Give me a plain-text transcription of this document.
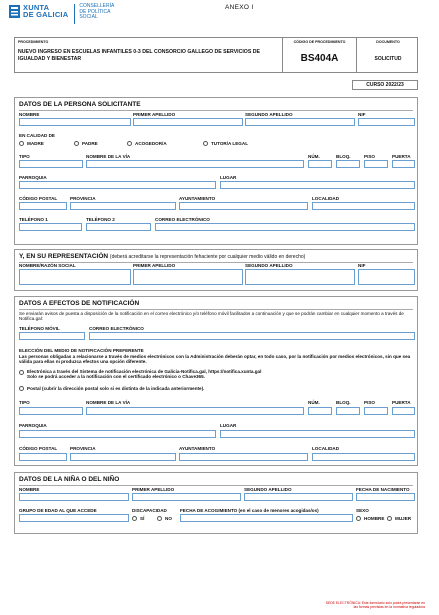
XUNTA
DE GALICIA
CONSELLERÍA
DE POLÍTICA
SOCIAL
ANEXO I
PROCEDIMIENTO
NUEVO INGRESO EN ESCUELAS INFANTILES 0-3 DEL CONSORCIO GALLEGO DE SERVICIOS DE IGUALDAD Y BIENESTAR
CÓDIGO DE PROCEDIMIENTO
BS404A
DOCUMENTO
SOLICITUD
CURSO 2022/23
DATOS DE LA PERSONA SOLICITANTE
NOMBRE	PRIMER APELLIDO	SEGUNDO APELLIDO	NIF
EN CALIDAD DE
MADRE	PADRE	ACOGEDOR/A	TUTOR/A LEGAL
TIPO	NOMBRE DE LA VÍA	NÚM.	BLOQ.	PISO	PUERTA
PARROQUIA	LUGAR
CÓDIGO POSTAL	PROVINCIA	AYUNTAMIENTO	LOCALIDAD
TELÉFONO 1	TELÉFONO 2	CORREO ELECTRÓNICO
Y, EN SU REPRESENTACIÓN (deberá acreditarse la representación fehaciente por cualquier medio válido en derecho)
NOMBRE/RAZÓN SOCIAL	PRIMER APELLIDO	SEGUNDO APELLIDO	NIF
DATOS A EFECTOS DE NOTIFICACIÓN
Se enviarán avisos de puesta a disposición de la notificación en el correo electrónico y/o teléfono móvil facilitados a continuación y que se podrán cambiar en cualquier momento a través de Notifica.gal:
TELÉFONO MÓVIL	CORREO ELECTRÓNICO
ELECCIÓN DEL MEDIO DE NOTIFICACIÓN PREFERENTE
Las personas obligadas a relacionarse a través de medios electrónicos con la Administración deberán optar, en todo caso, por la notificación por medios electrónicos, sin que sea válida para ellas ni produzca efectos una opción diferente.
Electrónica a través del Sistema de notificación electrónica de Galicia-Notifica.gal, https://notifica.xunta.gal
Solo se podrá acceder a la notificación con el certificado electrónico o Chave365.
Postal (cubrir la dirección postal solo si es distinta de la indicada anteriormente).
TIPO	NOMBRE DE LA VÍA	NÚM.	BLOQ.	PISO	PUERTA
PARROQUIA	LUGAR
CÓDIGO POSTAL	PROVINCIA	AYUNTAMIENTO	LOCALIDAD
DATOS DE LA NIÑA O DEL NIÑO
NOMBRE	PRIMER APELLIDO	SEGUNDO APELLIDO	FECHA DE NACIMIENTO
GRUPO DE EDAD AL QUE ACCEDE	DISCAPACIDAD
SÍ	NO
FECHA DE ACOGIMIENTO (en el caso de menores acogidas/os)	SEXO
HOMBRE MUJER
SEDE ELECTRÓNICA: Este formulario solo podrá presentarse en
las formas previstas en la normativa reguladora
